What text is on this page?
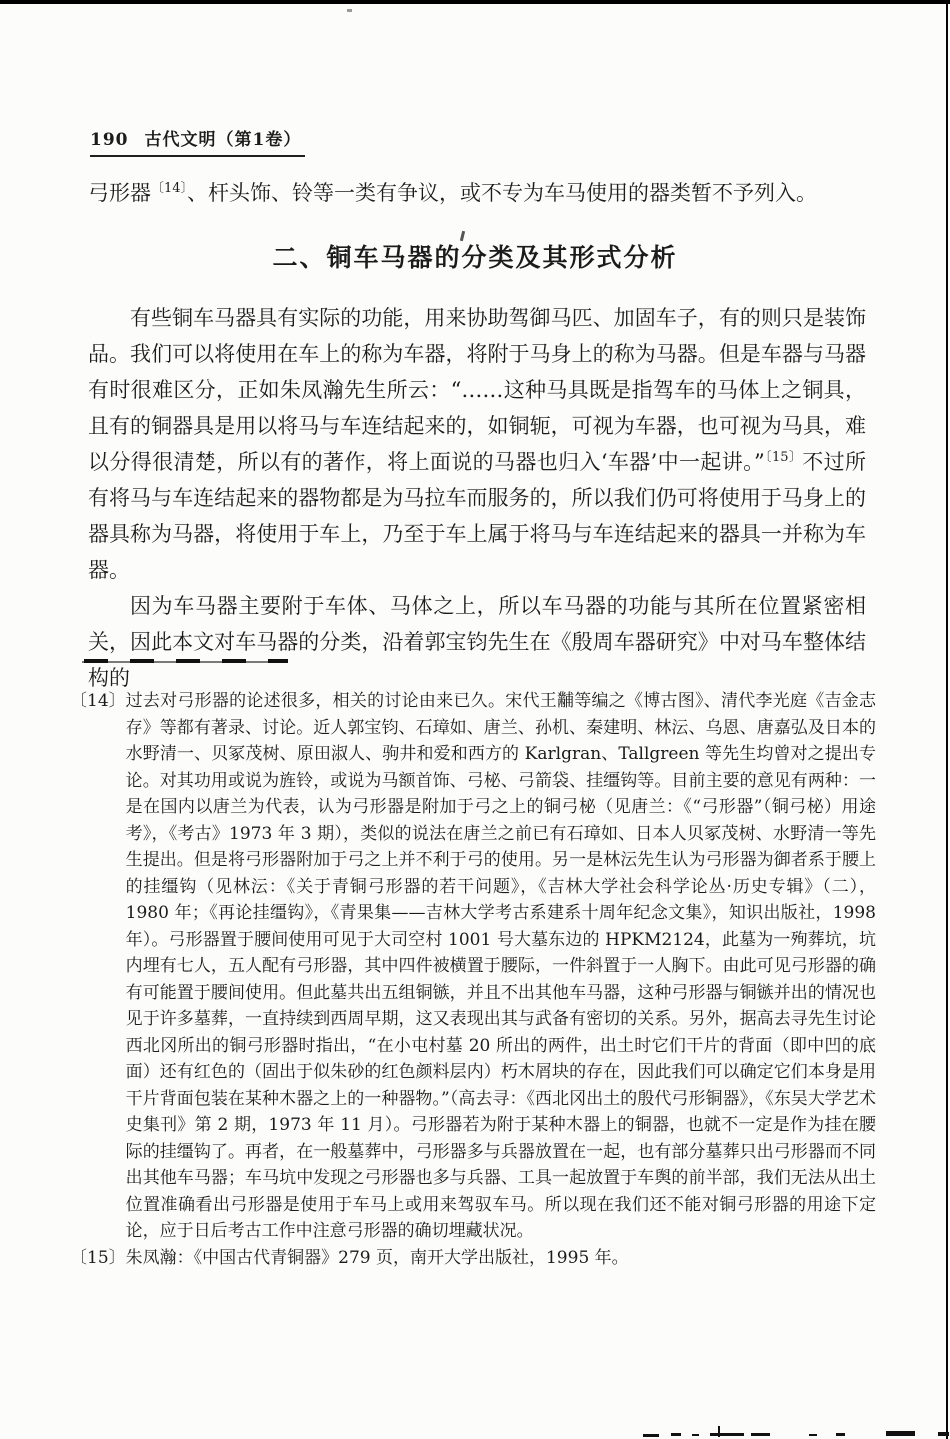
190 古代文明（第1卷）
弓形器$^{〔14〕}$、杆头饰、铃等一类有争议，或不专为车马使用的器类暂不予列入。
二、铜车马器的分类及其形式分析
有些铜车马器具有实际的功能，用来协助驾御马匹、加固车子，有的则只是装饰品。我们可以将使用在车上的称为车器，将附于马身上的称为马器。但是车器与马器有时很难区分，正如朱凤瀚先生所云：“……这种马具既是指驾车的马体上之铜具，且有的铜器具是用以将马与车连结起来的，如铜轭，可视为车器，也可视为马具，难以分得很清楚，所以有的著作，将上面说的马器也归入‘车器’中一起讲。”$^{〔15〕}$不过所有将马与车连结起来的器物都是为马拉车而服务的，所以我们仍可将使用于马身上的器具称为马器，将使用于车上，乃至于车上属于将马与车连结起来的器具一并称为车器。
因为车马器主要附于车体、马体之上，所以车马器的功能与其所在位置紧密相关，因此本文对车马器的分类，沿着郭宝钧先生在《殷周车器研究》中对马车整体结构的
〔14〕 过去对弓形器的论述很多，相关的讨论由来已久。宋代王黼等编之《博古图》、清代李光庭《吉金志存》等都有著录、讨论。近人郭宝钧、石璋如、唐兰、孙机、秦建明、林沄、乌恩、唐嘉弘及日本的水野清一、贝冢茂树、原田淑人、驹井和爱和西方的 Karlgran、Tallgreen 等先生均曾对之提出专论。对其功用或说为旌铃，或说为马额首饰、弓柲、弓箭袋、挂缰钩等。目前主要的意见有两种：一是在国内以唐兰为代表，认为弓形器是附加于弓之上的铜弓柲（见唐兰：《“弓形器”（铜弓柲）用途考》，《考古》1973 年 3 期），类似的说法在唐兰之前已有石璋如、日本人贝冢茂树、水野清一等先生提出。但是将弓形器附加于弓之上并不利于弓的使用。另一是林沄先生认为弓形器为御者系于腰上的挂缰钩（见林沄：《关于青铜弓形器的若干问题》，《吉林大学社会科学论丛·历史专辑》（二），1980 年；《再论挂缰钩》，《青果集——吉林大学考古系建系十周年纪念文集》，知识出版社，1998 年）。弓形器置于腰间使用可见于大司空村 1001 号大墓东边的 HPKM2124，此墓为一殉葬坑，坑内埋有七人，五人配有弓形器，其中四件被横置于腰际，一件斜置于一人胸下。由此可见弓形器的确有可能置于腰间使用。但此墓共出五组铜镞，并且不出其他车马器，这种弓形器与铜镞并出的情况也见于许多墓葬，一直持续到西周早期，这又表现出其与武备有密切的关系。另外，据高去寻先生讨论西北冈所出的铜弓形器时指出，“在小屯村墓 20 所出的两件，出土时它们干片的背面（即中凹的底面）还有红色的（固出于似朱砂的红色颜料层内）朽木屑块的存在，因此我们可以确定它们本身是用干片背面包装在某种木器之上的一种器物。”（高去寻：《西北冈出土的殷代弓形铜器》，《东吴大学艺术史集刊》第 2 期，1973 年 11 月）。弓形器若为附于某种木器上的铜器，也就不一定是作为挂在腰际的挂缰钩了。再者，在一般墓葬中，弓形器多与兵器放置在一起，也有部分墓葬只出弓形器而不同出其他车马器；车马坑中发现之弓形器也多与兵器、工具一起放置于车舆的前半部，我们无法从出土位置准确看出弓形器是使用于车马上或用来驾驭车马。所以现在我们还不能对铜弓形器的用途下定论，应于日后考古工作中注意弓形器的确切埋藏状况。
〔15〕 朱凤瀚：《中国古代青铜器》279 页，南开大学出版社，1995 年。
